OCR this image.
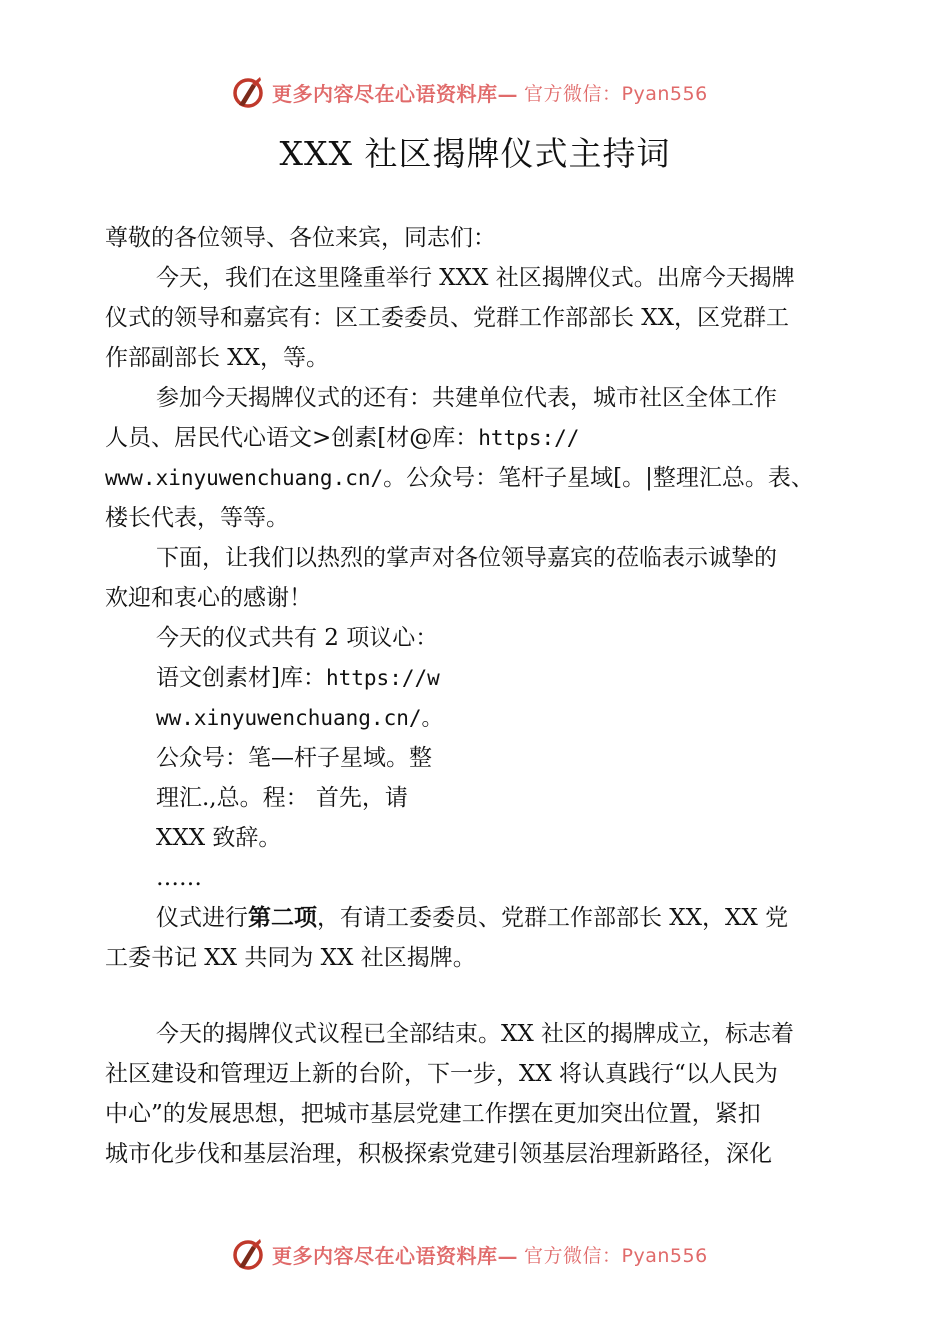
更多内容尽在心语资料库— 官方微信：Pyan556
XXX 社区揭牌仪式主持词
尊敬的各位领导、各位来宾，同志们：
今天，我们在这里隆重举行 XXX 社区揭牌仪式。出席今天揭牌
仪式的领导和嘉宾有：区工委委员、党群工作部部长 XX，区党群工
作部副部长 XX，等。
参加今天揭牌仪式的还有：共建单位代表，城市社区全体工作
人员、居民代心语文>创素[材@库：https://
www.xinyuwenchuang.cn/。公众号：笔杆子星域[。|整理汇总。表、
楼长代表，等等。
下面，让我们以热烈的掌声对各位领导嘉宾的莅临表示诚挚的
欢迎和衷心的感谢！
今天的仪式共有 2 项议心：
语文创素材]库：https://w
ww.xinyuwenchuang.cn/。
公众号：笔—杆子星域。整
理汇.,总。程： 首先，请
XXX 致辞。
……
仪式进行第二项，有请工委委员、党群工作部部长 XX，XX 党
工委书记 XX 共同为 XX 社区揭牌。
今天的揭牌仪式议程已全部结束。XX 社区的揭牌成立，标志着
社区建设和管理迈上新的台阶，下一步，XX 将认真践行“以人民为
中心”的发展思想，把城市基层党建工作摆在更加突出位置，紧扣
城市化步伐和基层治理，积极探索党建引领基层治理新路径，深化
更多内容尽在心语资料库— 官方微信：Pyan556
